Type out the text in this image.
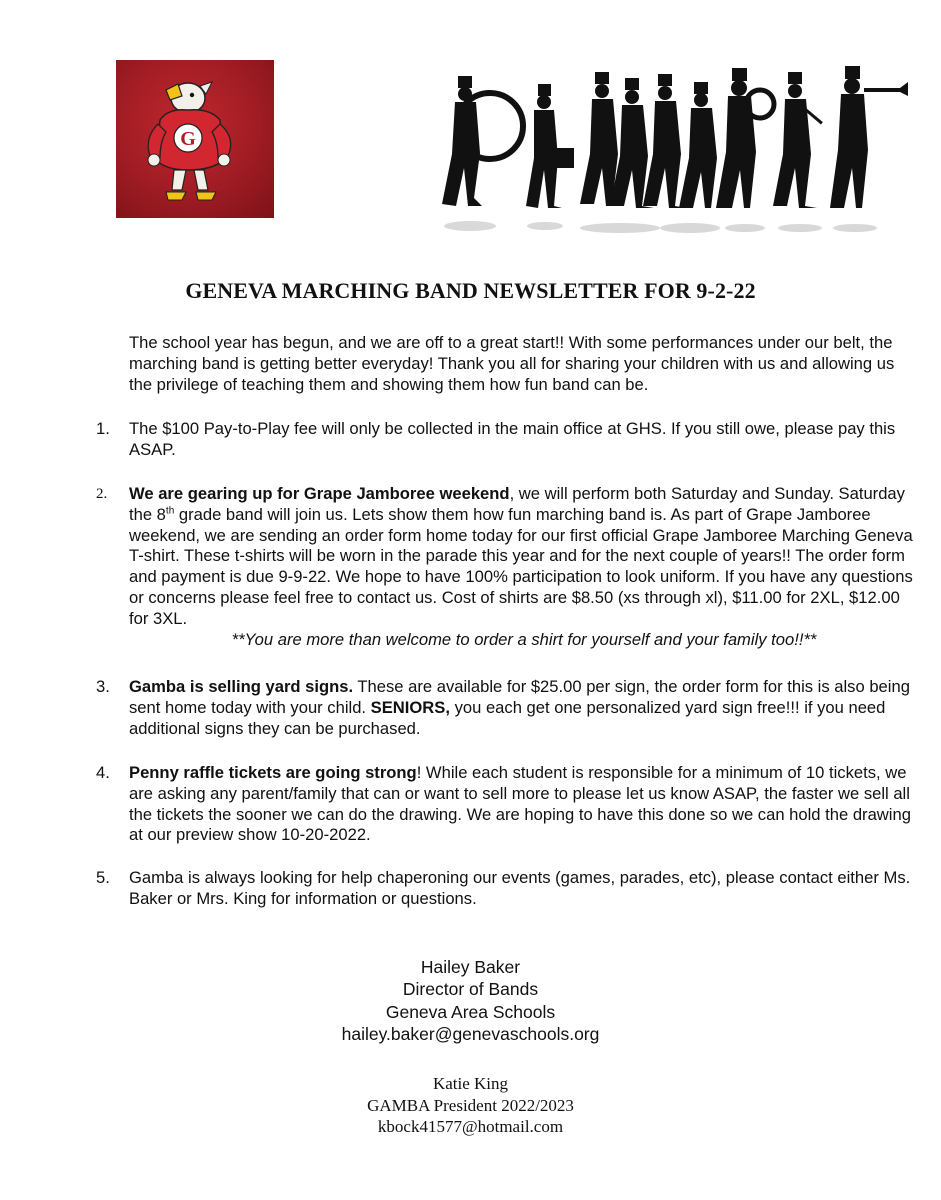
G
GENEVA MARCHING BAND NEWSLETTER FOR 9-2-22

The school year has begun, and we are off to a great start!! With some performances under our belt, the marching band is getting better everyday! Thank you all for sharing your children with us and allowing us the privilege of teaching them and showing them how fun band can be.

1.	The $100 Pay-to-Play fee will only be collected in the main office at GHS. If you still owe, please pay this ASAP.

2.	We are gearing up for Grape Jamboree weekend, we will perform both Saturday and Sunday. Saturday the 8th grade band will join us. Lets show them how fun marching band is. As part of Grape Jamboree weekend, we are sending an order form home today for our first official Grape Jamboree Marching Geneva T-shirt. These t-shirts will be worn in the parade this year and for the next couple of years!! The order form and payment is due 9-9-22. We hope to have 100% participation to look uniform. If you have any questions or concerns please feel free to contact us. Cost of shirts are $8.50 (xs through xl), $11.00 for 2XL, $12.00 for 3XL.
**You are more than welcome to order a shirt for yourself and your family too!!**

3.	Gamba is selling yard signs. These are available for $25.00 per sign, the order form for this is also being sent home today with your child. SENIORS, you each get one personalized yard sign free!!! if you need additional signs they can be purchased.

4.	Penny raffle tickets are going strong! While each student is responsible for a minimum of 10 tickets, we are asking any parent/family that can or want to sell more to please let us know ASAP, the faster we sell all the tickets the sooner we can do the drawing. We are hoping to have this done so we can hold the drawing at our preview show 10-20-2022.

5.	Gamba is always looking for help chaperoning our events (games, parades, etc), please contact either Ms. Baker or Mrs. King for information or questions.

Hailey Baker
Director of Bands
Geneva Area Schools
hailey.baker@genevaschools.org
Katie King
GAMBA President 2022/2023
kbock41577@hotmail.com
